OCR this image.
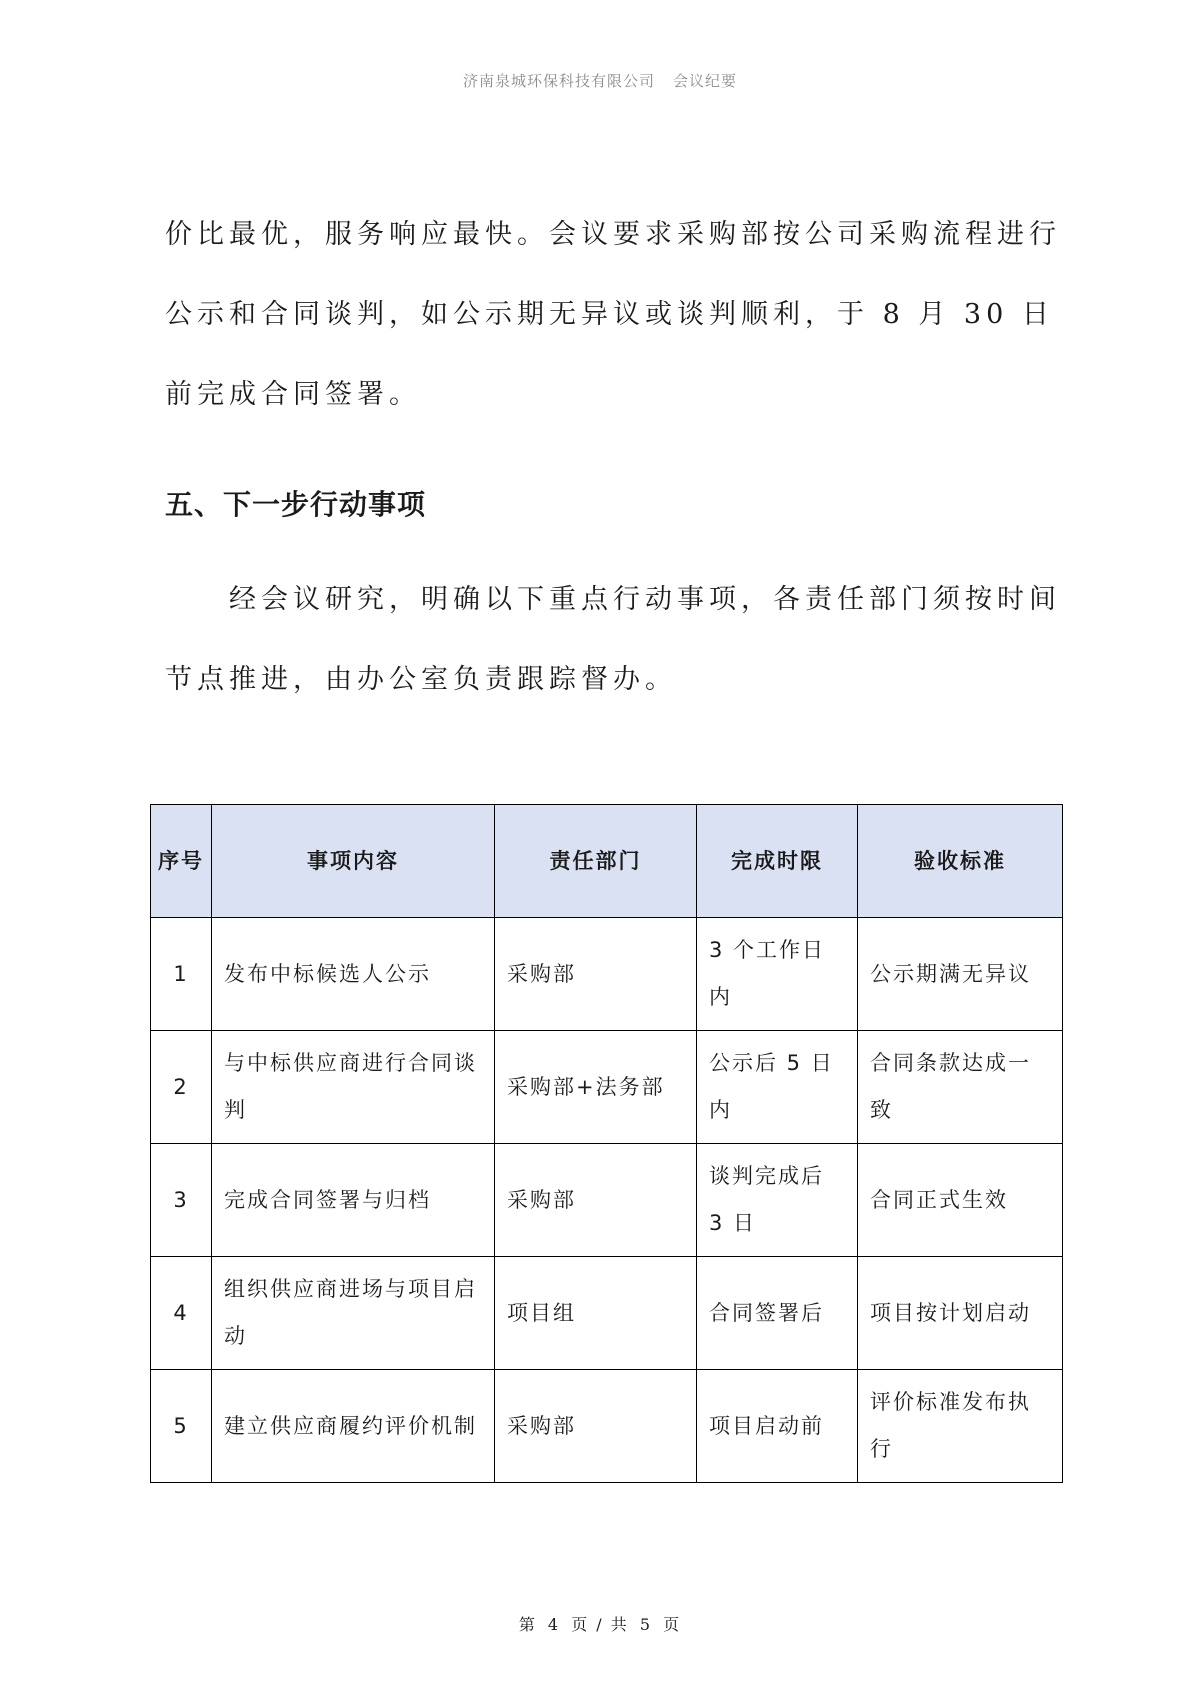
济南泉城环保科技有限公司 会议纪要

价比最优，服务响应最快。会议要求采购部按公司采购流程进行公示和合同谈判，如公示期无异议或谈判顺利，于 8 月 30 日前完成合同签署。

五、下一步行动事项

经会议研究，明确以下重点行动事项，各责任部门须按时间节点推进，由办公室负责跟踪督办。

序号	事项内容	责任部门	完成时限	验收标准
1	发布中标候选人公示	采购部	3 个工作日内	公示期满无异议
2	与中标供应商进行合同谈判	采购部+法务部	公示后 5 日内	合同条款达成一致
3	完成合同签署与归档	采购部	谈判完成后 3 日	合同正式生效
4	组织供应商进场与项目启动	项目组	合同签署后	项目按计划启动
5	建立供应商履约评价机制	采购部	项目启动前	评价标准发布执行
第 4 页 / 共 5 页
